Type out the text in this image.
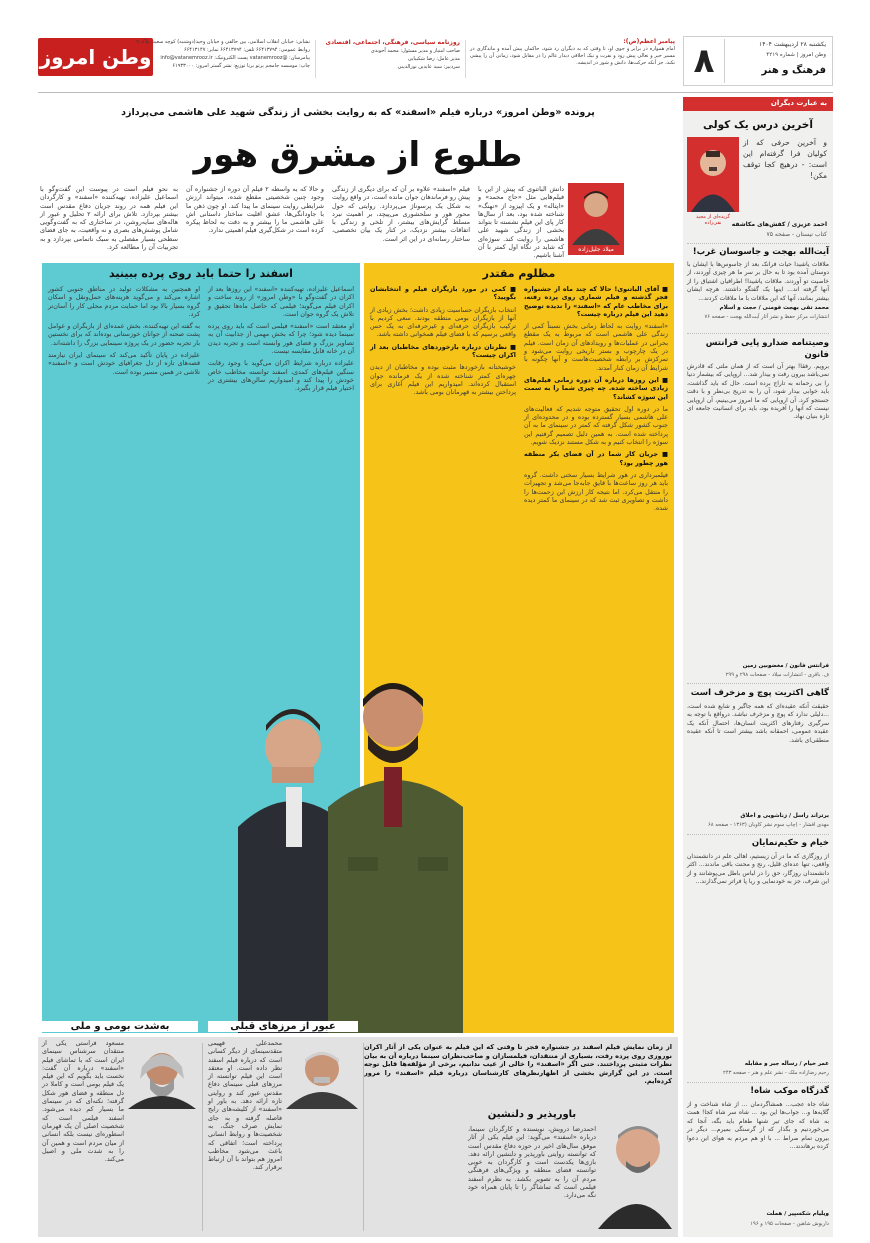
وطن امروز
نشانی: خیابان انقلاب اسلامی، بین خالقی و خیابان وحید(دوشنبه) کوچه سعید، پلاک ۹
روابط عمومی: ۶۶۴۱۳۷۹۴ تلفن: ۶۶۴۱۳۷۹۴ نمابر: ۶۶۴۱۳۱۴۷
پیامرسان: @vatanemrooz پست الکترونیک: info@vatanemrooz.ir
چاپ: موسسه جامجم پرتو برنا توزیع: نشر گستر امروز: ۶۱۹۳۳۰۰۰
روزنامه سیاسی، فرهنگی، اجتماعی، اقتصادی
صاحب امتیاز و مدیر مسئول: محمد آخوندی
مدیر عامل: رضا شکیبایی
سردبیر: سید عابدین نورالدینی
پیامبر اعظم(ص):
امام همواره در برابر و جوی او، تا وقتی که به دیگران رد شود، حاکمان پیش آمده و ماندگاری در مسیر خیر و تعالی پیش رود و نفرت و نیک اخلاقی دیدار عالم را در مقابل شود، زمانی آن را پیشی نکند، جز آنکه حرکت‌ها، دانش و شور در اندیشه. ۸	یکشنبه ۲۸ اردیبهشت ۱۴۰۴
وطن امروز | شماره ۴۲۱۹
فرهنگ و هنر
به عبارت دیگران
آخرین درس یک کولی
گزیده‌ای از مجید نقی‌زاده
و آخرین حرفی که از کولیان فرا گرفته‌ام این است: - درهیچ کجا توقف مکن!
احمد عزیزی / کفش‌های مکاشفه
کتاب نیستان - صفحه ۷۵
آیت‌الله بهجت و جاسوسان غرب!
ملاقات یاشیدا حیات فرانک بعد از جاسوس‌ها با ایشان با دوستان آمده بود تا به حال بر سر ما هر چیزی آوردند، از خاصیت تو آوردند. ملاقات یاشیدا! اطرافیان اشتیاق را از آنها گرفته اند... اینها یک گفتگو داشتند. هرچه ایشان بیشتر بمانند، آنها که این ملاقات با ما ملاقات کردند...
محمد تقی بهجت فومنی / حجت و اسلام
انتشارات مرکز حفظ و نشر آثار آیت‌الله بهجت - صفحه ۷۶
وصیتنامه ضدارو پایی فرانتس فانون
برویم. رفقا! بهتر آن است که از همان ملتی که قادرش نمی‌باشد بیرون رفت و بیدار شد... اروپایی که بیشمار دنیا را بی رحمانه به تاراج برده است. حال که باید گذاشت، باید خوابی بیدار شود، آن را به تدریج بی‌نظر و با دقت جستجو کرد. آن اروپایی که ما امروز می‌بینیم، آن اروپایی نیست که آنها را آفریده بود، باید برای انسانیت جامعه ای تازه بنیان نهاد.
فرانتس فانون / مغضوبین زمین
ف. باقری - انتشارات میلاد - صفحات ۲۹۸ و ۲۹۹
گاهی اکثریت پوچ و مزخرف است
حقیقت آنکه عقیده‌ای که همه جاگیر و شایع شده است، ...دلیلی ندارد که پوچ و مزخرف نباشد. درواقع با توجه به سرگیری رفتارهای اکثریت انسان‌ها، احتمال آنکه یک عقیده عمومی، احمقانه باشد بیشتر است تا آنکه عقیده منطقی‌ای باشد.
برتراند راسل / زناشویی و اخلاق
مهدی افشار - (چاپ سوم نشر کاویان (۱۳۶۳ - صفحه ۶۸
خیام و حکیم‌نمایان
از روزگاری که ما در آن زیستیم، اهالی علم در دانشمندان واقعی، تنها عده‌ای قلیل، رنج و محنت باقی ماندند... اکثر دانشمندان روزگار، حق را در لباس باطل می‌پوشانند و از این شرف، جز به خودنمایی و ریا پا فراتر نمی‌گذارند...
عمر خیام / رساله جبر و مقابله
رحیم رضازاده ملک - نشر علم و هنر - صفحه ۲۴۳
گدزگاه موکب شاه!
شاه جاه عجب... همشاگردمان ... از شاه شناخت و از گلایه‌ها و... جواب‌ها این بود ... شاه سر شاه کجا! همت به شاه که جای تیر شنها طعام باید بگه، آنجا که می‌خوردنیم و بگذار که از گرسنگی بمیرم... دیگر در بیرون تمام صراط ... با او هم مردم به هوای این دعوا کرده برهاندند...
ویلیام شکسپیر / هملت
داریوش شاهین - صفحات ۱۹۵ و ۱۹۶
پرونده «وطن امروز» درباره فیلم «اسفند» که به روایت بخشی از زندگی شهید علی هاشمی می‌پردازد
طلوع از مشرق هور
میلاد جلیل‌زاده
دانش الباتنوی که پیش از این با فیلم‌هایی مثل «حاج محمد» و «اپتاله» و یک اپیزود از «نهنگ» شناخته شده بود، بعد از سال‌ها کار پای این فیلم نشسته تا بتواند بخشی از زندگی شهید علی هاشمی را روایت کند. سوژه‌ای که شاید در نگاه اول کمتر با آن آشنا باشیم.
فیلم «اسفند» علاوه بر آن که برای دیگری از زندگی پیش رو فرماندهان جوان مانده است، در واقع روایت به شکل یک پرسوناژ می‌پردازد. روایتی که حول محور هور و سلحشوری می‌پیچد، بر اهمیت نبرد مسلط گرایش‌های بیشتر، از تلخی و زندگی با اتفاقات بیشتر نزدیک، در کنار یک بیان تخصصی، ساختار رسانه‌ای در این اثر است.
و حالا که به واسطه ۲ فیلم آن دوره از جشنواره آن وجود چنین شخصیتی مقطع شده، میتواند ارزش شرایطی روایت سینمای ما پیدا کند. او چون ذهن ما با جاودانگی‌ها، عشق اقلیت ساختار داستانی اش علی هاشمی ما را بیشتر و به دقت به لحاظ پیکره کرده است در شکل‌گیری فیلم اهمیتی ندارد.
به نحو فیلم است در پیوست این گفت‌وگو با اسماعیل علیزاده، تهیه‌کننده «اسفند» و کارگردان این فیلم همه در روند جریان دفاع مقدس است بیشتر بپردازد. تلاش برای ارائه ۲ تحلیل و عبور از هاله‌های سایه‌روشن، در ساختاری که به گفت‌وگویی شامل پوشش‌های بصری و نه واقعیت، به جای فضای سطحی بسیار مفصلی به سبک ناتمامی بپردازد و به تجربیات آن را مطالعه کرد.
مظلوم مقتدر

■ آقای الباتنوی! حالا که چند ماه از جشنواره فجر گذشته و فیلم شماری روی پرده رفته، برای مخاطب عام که «اسفند» را ندیده توضیح دهید این فیلم درباره چیست؟

«اسفند» روایت به لحاظ زمانی بخش نسبتاً کمی از زندگی علی هاشمی است که مربوط به یک مقطع بحرانی در عملیات‌ها و رویدادهای آن زمان است. فیلم در یک چارچوب و بستر تاریخی روایت می‌شود و تمرکزش بر رابطه شخصیت‌هاست و آنها چگونه با شرایط آن زمان کنار آمدند.

■ این روزها درباره آن دوره زمانی فیلم‌های زیادی ساخته شده. چه چیزی شما را به سمت این سوژه کشاند؟

ما در دوره اول تحقیق متوجه شدیم که فعالیت‌های علی هاشمی بسیار گسترده بوده و در محدوده‌ای از جنوب کشور شکل گرفته که کمتر در سینمای ما به آن پرداخته شده است. به همین دلیل تصمیم گرفتیم این سوژه را انتخاب کنیم و به شکل مستند نزدیک شویم.

■ جریان کار شما در آن فضای بکر منطقه هور چطور بود؟

فیلمبرداری در هور شرایط بسیار سختی داشت. گروه باید هر روز ساعت‌ها با قایق جابه‌جا می‌شد و تجهیزات را منتقل می‌کرد. اما نتیجه کار ارزش این زحمت‌ها را داشت و تصاویری ثبت شد که در سینمای ما کمتر دیده شده.

■ کمی در مورد بازیگران فیلم و انتخابشان بگویید؟

انتخاب بازیگران حساسیت زیادی داشت؛ بخش زیادی از آنها از بازیگران بومی منطقه بودند. سعی کردیم با ترکیب بازیگران حرفه‌ای و غیرحرفه‌ای به یک حس واقعی برسیم که با فضای فیلم همخوانی داشته باشد.

■ نظرتان درباره بازخوردهای مخاطبان بعد از اکران چیست؟

خوشبختانه بازخوردها مثبت بوده و مخاطبان از دیدن چهره‌ای کمتر شناخته شده از یک فرمانده جوان استقبال کرده‌اند. امیدواریم این فیلم آغازی برای پرداختن بیشتر به قهرمانان بومی باشد.

اسفند را حتما باید روی پرده ببینید

اسماعیل علیزاده، تهیه‌کننده «اسفند» این روزها بعد از اکران در گفت‌وگو با «وطن امروز» از روند ساخت و اکران فیلم می‌گوید؛ فیلمی که حاصل ماه‌ها تحقیق و تلاش یک گروه جوان است.

او معتقد است «اسفند» فیلمی است که باید روی پرده سینما دیده شود؛ چرا که بخش مهمی از جذابیت آن به تصاویر بزرگ و فضای هور وابسته است و تجربه دیدن آن در خانه قابل مقایسه نیست.

علیزاده درباره شرایط اکران می‌گوید با وجود رقابت سنگین فیلم‌های کمدی، اسفند توانسته مخاطب خاص خودش را پیدا کند و امیدواریم سالن‌های بیشتری در اختیار فیلم قرار بگیرد.

او همچنین به مشکلات تولید در مناطق جنوبی کشور اشاره می‌کند و می‌گوید هزینه‌های حمل‌ونقل و اسکان گروه بسیار بالا بود اما حمایت مردم محلی کار را آسان‌تر کرد.

به گفته این تهیه‌کننده، بخش عمده‌ای از بازیگران و عوامل پشت صحنه از جوانان خوزستانی بوده‌اند که برای نخستین بار تجربه حضور در یک پروژه سینمایی بزرگ را داشته‌اند.

علیزاده در پایان تأکید می‌کند که سینمای ایران نیازمند قصه‌های تازه از دل جغرافیای خودش است و «اسفند» تلاشی در همین مسیر بوده است.

از زمان نمایش فیلم اسفند در جشنواره فجر تا وقتی که این فیلم به عنوان یکی از آثار اکران نوروزی روی پرده رفت، بسیاری از منتقدان، فیلمسازان و صاحب‌نظران سینما درباره آن به بیان نظرات مثبتی پرداختند. حتی اگر «اسفند» را خالی از عیب ندانیم، برخی از مؤلفه‌ها قابل توجه است. در این گزارش بخشی از اظهارنظرهای کارشناسان درباره فیلم «اسفند» را مرور کرده‌ایم.
باورپذیر و دلنشین
احمدرضا درویش، نویسنده و کارگردان سینما، درباره «اسفند» می‌گوید: این فیلم یکی از آثار موفق سال‌های اخیر در حوزه دفاع مقدس است که توانسته روایتی باورپذیر و دلنشین ارائه دهد. بازی‌ها یکدست است و کارگردان به خوبی توانسته فضای منطقه و ویژگی‌های فرهنگی مردم آن را به تصویر بکشد. به نظرم اسفند فیلمی است که تماشاگر را تا پایان همراه خود نگه می‌دارد.
عبور از مرزهای قبلی
محمدعلی فهیمی متقدسینمای از دیگر کسانی است که درباره فیلم اسفند نظر داده است. او معتقد است این فیلم توانسته از مرزهای قبلی سینمای دفاع مقدس عبور کند و روایتی تازه ارائه دهد. به باور او «اسفند» از کلیشه‌های رایج فاصله گرفته و به جای نمایش صرف جنگ، به شخصیت‌ها و روابط انسانی پرداخته است؛ اتفاقی که باعث می‌شود مخاطب امروز هم بتواند با آن ارتباط برقرار کند.
به‌شدت بومی و ملی
مسعود فراستی یکی از منتقدان سرشناس سینمای ایران است که با تماشای فیلم «اسفند» درباره آن گفت: نخست باید بگویم که این فیلم یک فیلم بومی است و کاملا در دل منطقه و فضای هور شکل گرفته؛ نکته‌ای که در سینمای ما بسیار کم دیده می‌شود. اسفند فیلمی است که شخصیت اصلی آن یک قهرمان اسطوره‌ای نیست بلکه انسانی از میان مردم است و همین آن را به شدت ملی و اصیل می‌کند.
